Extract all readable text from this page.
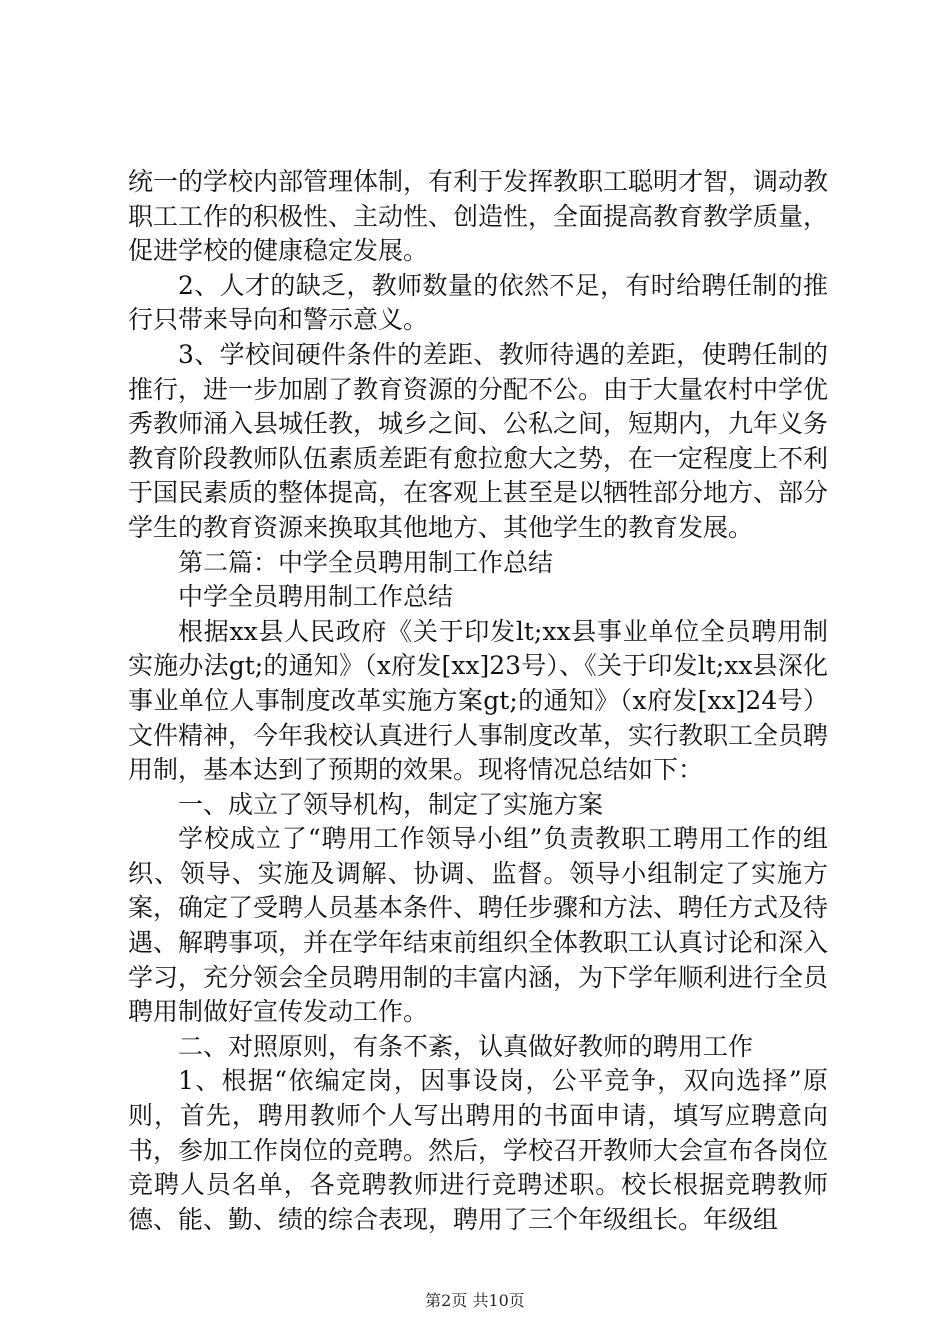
统一的学校内部管理体制，有利于发挥教职工聪明才智，调动教职工工作的积极性、主动性、创造性，全面提高教育教学质量，促进学校的健康稳定发展。

2、人才的缺乏，教师数量的依然不足，有时给聘任制的推行只带来导向和警示意义。

3、学校间硬件条件的差距、教师待遇的差距，使聘任制的推行，进一步加剧了教育资源的分配不公。由于大量农村中学优秀教师涌入县城任教，城乡之间、公私之间，短期内，九年义务教育阶段教师队伍素质差距有愈拉愈大之势，在一定程度上不利于国民素质的整体提高，在客观上甚至是以牺牲部分地方、部分学生的教育资源来换取其他地方、其他学生的教育发展。

第二篇：中学全员聘用制工作总结

中学全员聘用制工作总结

根据xx县人民政府《关于印发lt;xx县事业单位全员聘用制实施办法gt;的通知》（x府发[xx]23号）、《关于印发lt;xx县深化事业单位人事制度改革实施方案gt;的通知》（x府发[xx]24号）文件精神，今年我校认真进行人事制度改革，实行教职工全员聘用制，基本达到了预期的效果。现将情况总结如下：

一、成立了领导机构，制定了实施方案

学校成立了“聘用工作领导小组”负责教职工聘用工作的组织、领导、实施及调解、协调、监督。领导小组制定了实施方案，确定了受聘人员基本条件、聘任步骤和方法、聘任方式及待遇、解聘事项，并在学年结束前组织全体教职工认真讨论和深入学习，充分领会全员聘用制的丰富内涵，为下学年顺利进行全员聘用制做好宣传发动工作。

二、对照原则，有条不紊，认真做好教师的聘用工作

1、根据“依编定岗，因事设岗，公平竞争，双向选择”原则，首先，聘用教师个人写出聘用的书面申请，填写应聘意向书，参加工作岗位的竞聘。然后，学校召开教师大会宣布各岗位竞聘人员名单，各竞聘教师进行竞聘述职。校长根据竞聘教师德、能、勤、绩的综合表现，聘用了三个年级组长。年级组

第2页 共10页
